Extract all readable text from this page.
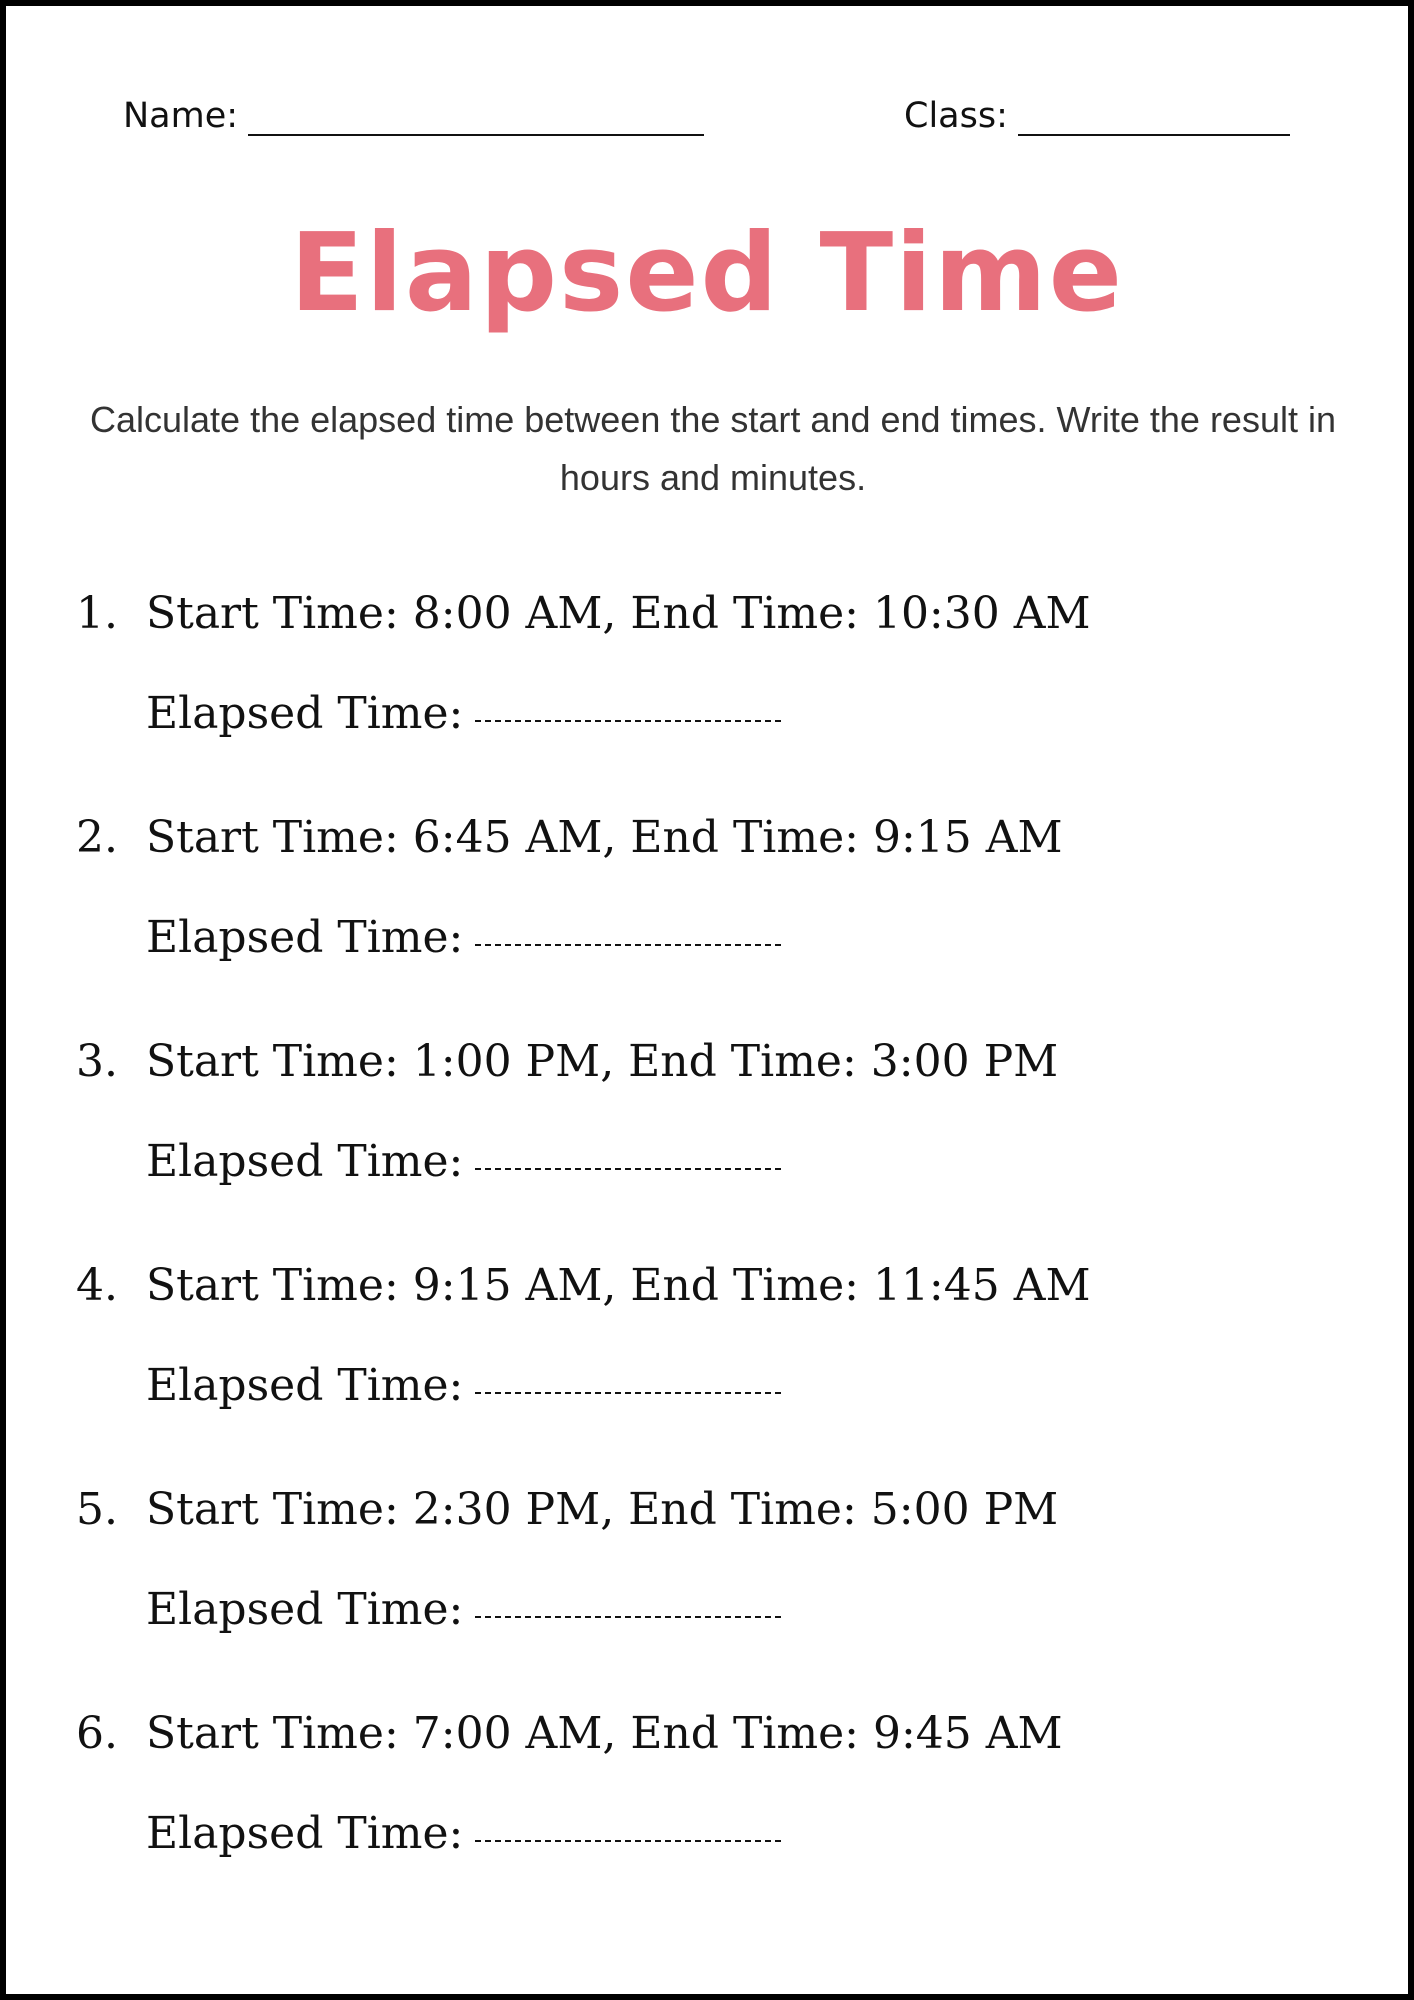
Name:	Class:
Elapsed Time
Calculate the elapsed time between the start and end times. Write the result in hours and minutes.
1. Start Time: 8:00 AM, End Time: 10:30 AM
Elapsed Time:
2. Start Time: 6:45 AM, End Time: 9:15 AM
Elapsed Time:
3. Start Time: 1:00 PM, End Time: 3:00 PM
Elapsed Time:
4. Start Time: 9:15 AM, End Time: 11:45 AM
Elapsed Time:
5. Start Time: 2:30 PM, End Time: 5:00 PM
Elapsed Time:
6. Start Time: 7:00 AM, End Time: 9:45 AM
Elapsed Time:
